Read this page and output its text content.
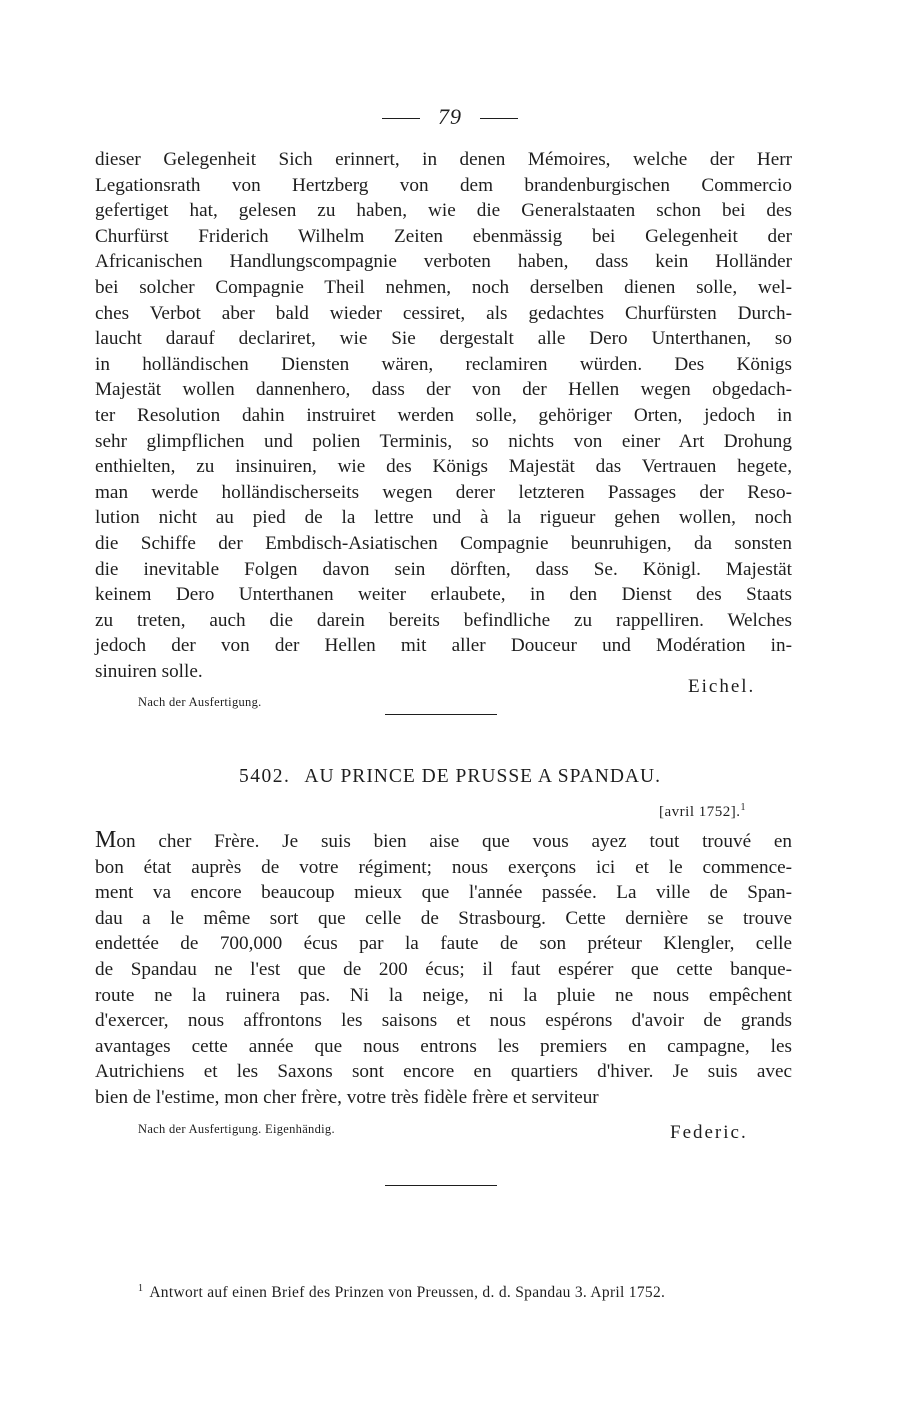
79
dieser Gelegenheit Sich erinnert, in denen Mémoires, welche der Herr
Legationsrath von Hertzberg von dem brandenburgischen Commercio
gefertiget hat, gelesen zu haben, wie die Generalstaaten schon bei des
Churfürst Friderich Wilhelm Zeiten ebenmässig bei Gelegenheit der
Africanischen Handlungscompagnie verboten haben, dass kein Holländer
bei solcher Compagnie Theil nehmen, noch derselben dienen solle, wel-
ches Verbot aber bald wieder cessiret, als gedachtes Churfürsten Durch-
laucht darauf declariret, wie Sie dergestalt alle Dero Unterthanen, so
in holländischen Diensten wären, reclamiren würden. Des Königs
Majestät wollen dannenhero, dass der von der Hellen wegen obgedach-
ter Resolution dahin instruiret werden solle, gehöriger Orten, jedoch in
sehr glimpflichen und polien Terminis, so nichts von einer Art Drohung
enthielten, zu insinuiren, wie des Königs Majestät das Vertrauen hegete,
man werde holländischerseits wegen derer letzteren Passages der Reso-
lution nicht au pied de la lettre und à la rigueur gehen wollen, noch
die Schiffe der Embdisch-Asiatischen Compagnie beunruhigen, da sonsten
die inevitable Folgen davon sein dörften, dass Se. Königl. Majestät
keinem Dero Unterthanen weiter erlaubete, in den Dienst des Staats
zu treten, auch die darein bereits befindliche zu rappelliren. Welches
jedoch der von der Hellen mit aller Douceur und Modération in-
sinuiren solle.
Eichel.
Nach der Ausfertigung.
5402. AU PRINCE DE PRUSSE A SPANDAU.
[avril 1752].$^1$
Mon cher Frère. Je suis bien aise que vous ayez tout trouvé en
bon état auprès de votre régiment; nous exerçons ici et le commence-
ment va encore beaucoup mieux que l'année passée. La ville de Span-
dau a le même sort que celle de Strasbourg. Cette dernière se trouve
endettée de 700,000 écus par la faute de son préteur Klengler, celle
de Spandau ne l'est que de 200 écus; il faut espérer que cette banque-
route ne la ruinera pas. Ni la neige, ni la pluie ne nous empêchent
d'exercer, nous affrontons les saisons et nous espérons d'avoir de grands
avantages cette année que nous entrons les premiers en campagne, les
Autrichiens et les Saxons sont encore en quartiers d'hiver. Je suis avec
bien de l'estime, mon cher frère, votre très fidèle frère et serviteur
Nach der Ausfertigung. Eigenhändig.	Federic.
$^1$ Antwort auf einen Brief des Prinzen von Preussen, d. d. Spandau 3. April 1752.
